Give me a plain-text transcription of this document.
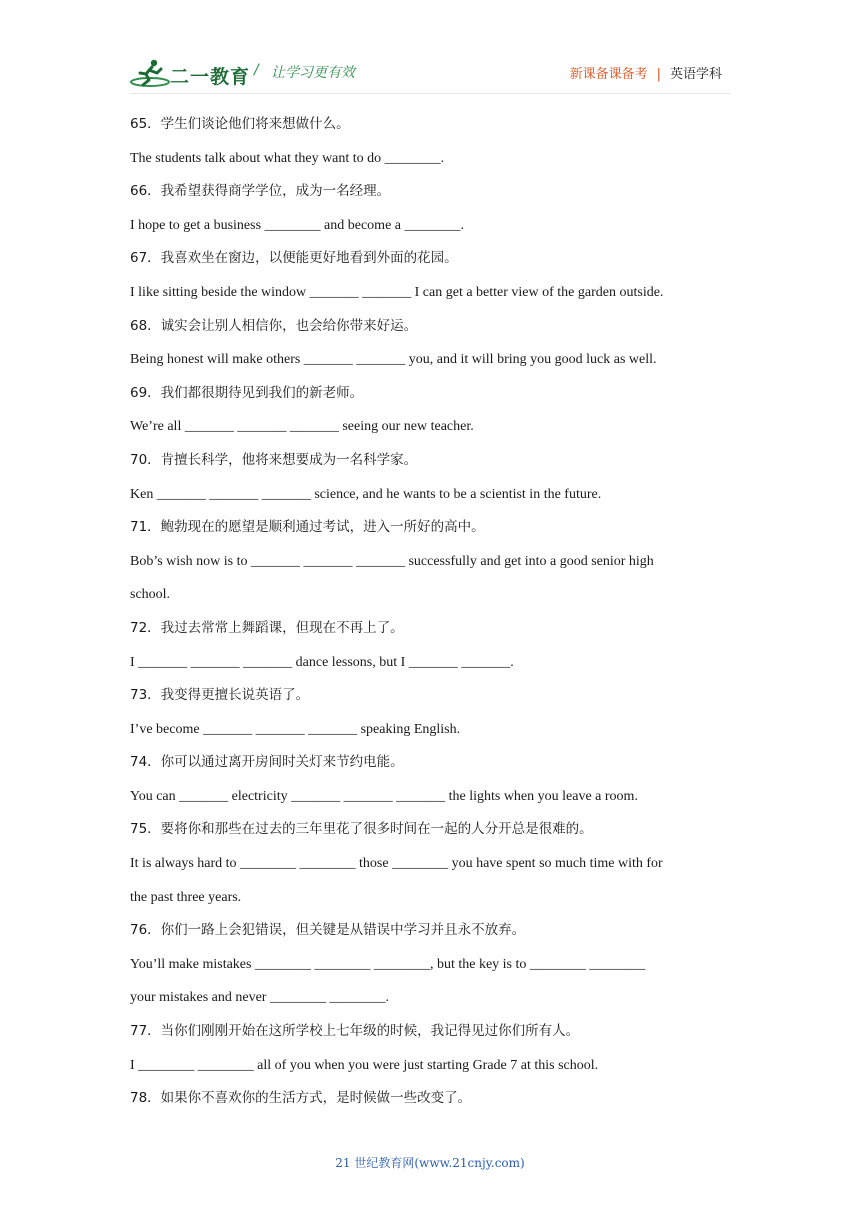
二一教育 / 让学习更有效	新课备课备考 | 英语学科
65．学生们谈论他们将来想做什么。
The students talk about what they want to do ________.
66．我希望获得商学学位，成为一名经理。
I hope to get a business ________ and become a ________.
67．我喜欢坐在窗边，以便能更好地看到外面的花园。
I like sitting beside the window _______ _______ I can get a better view of the garden outside.
68．诚实会让别人相信你，也会给你带来好运。
Being honest will make others _______ _______ you, and it will bring you good luck as well.
69．我们都很期待见到我们的新老师。
We’re all _______ _______ _______ seeing our new teacher.
70．肯擅长科学，他将来想要成为一名科学家。
Ken _______ _______ _______ science, and he wants to be a scientist in the future.
71．鲍勃现在的愿望是顺利通过考试，进入一所好的高中。
Bob’s wish now is to _______ _______ _______ successfully and get into a good senior high
school.
72．我过去常常上舞蹈课，但现在不再上了。
I _______ _______ _______ dance lessons, but I _______ _______.
73．我变得更擅长说英语了。
I’ve become _______ _______ _______ speaking English.
74．你可以通过离开房间时关灯来节约电能。
You can _______ electricity _______ _______ _______ the lights when you leave a room.
75．要将你和那些在过去的三年里花了很多时间在一起的人分开总是很难的。
It is always hard to ________ ________ those ________ you have spent so much time with for
the past three years.
76．你们一路上会犯错误，但关键是从错误中学习并且永不放弃。
You’ll make mistakes ________ ________ ________, but the key is to ________ ________
your mistakes and never ________ ________.
77．当你们刚刚开始在这所学校上七年级的时候，我记得见过你们所有人。
I ________ ________ all of you when you were just starting Grade 7 at this school.
78．如果你不喜欢你的生活方式，是时候做一些改变了。
21 世纪教育网(www.21cnjy.com)
